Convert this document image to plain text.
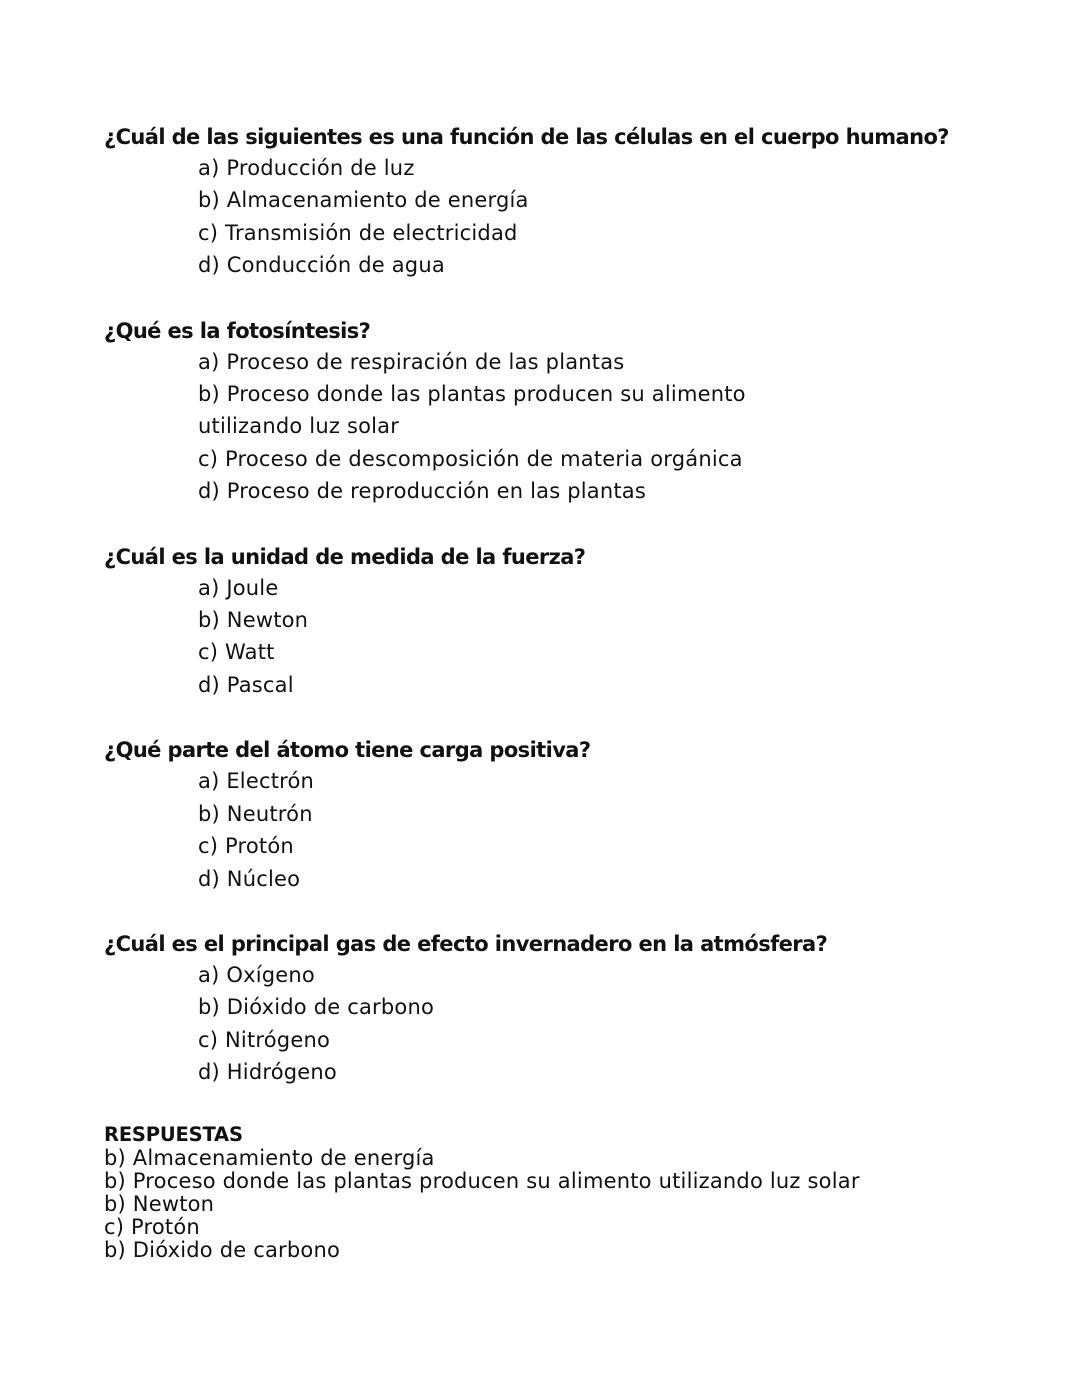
¿Cuál de las siguientes es una función de las células en el cuerpo humano?

a) Producción de luz
b) Almacenamiento de energía
c) Transmisión de electricidad
d) Conducción de agua

¿Qué es la fotosíntesis?

a) Proceso de respiración de las plantas
b) Proceso donde las plantas producen su alimento
utilizando luz solar
c) Proceso de descomposición de materia orgánica
d) Proceso de reproducción en las plantas

¿Cuál es la unidad de medida de la fuerza?

a) Joule
b) Newton
c) Watt
d) Pascal

¿Qué parte del átomo tiene carga positiva?

a) Electrón
b) Neutrón
c) Protón
d) Núcleo

¿Cuál es el principal gas de efecto invernadero en la atmósfera?

a) Oxígeno
b) Dióxido de carbono
c) Nitrógeno
d) Hidrógeno
RESPUESTAS
b) Almacenamiento de energía
b) Proceso donde las plantas producen su alimento utilizando luz solar
b) Newton
c) Protón
b) Dióxido de carbono
